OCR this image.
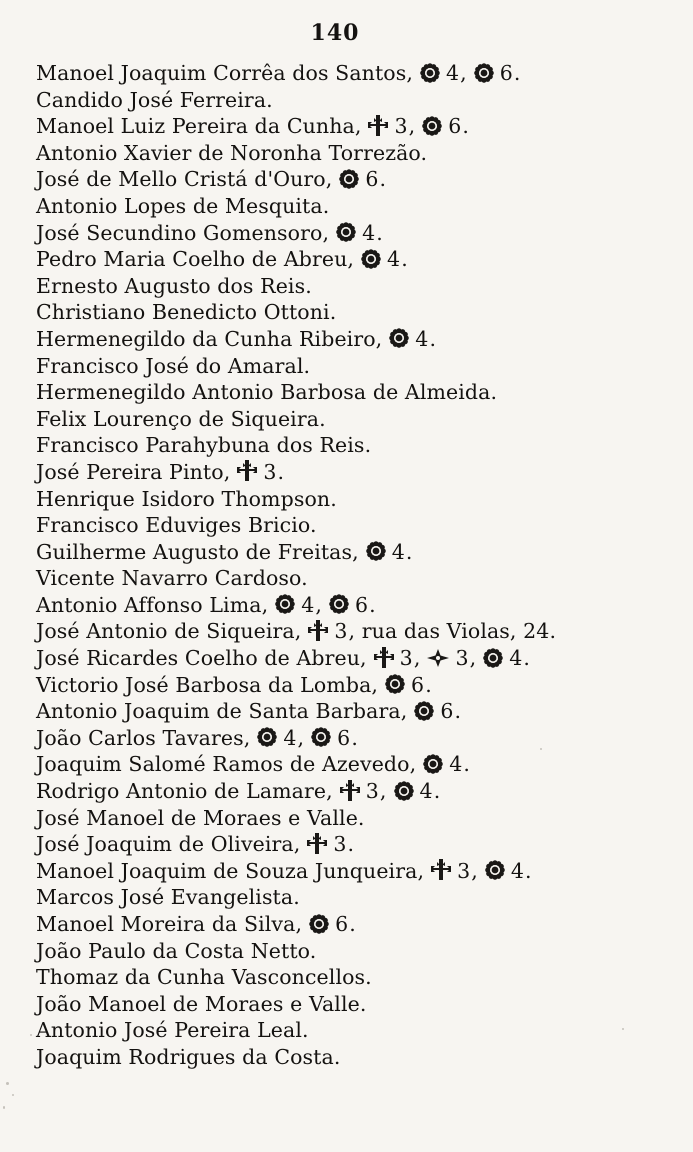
140
Manoel Joaquim Corrêa dos Santos, 4, 6.
Candido José Ferreira.
Manoel Luiz Pereira da Cunha, 3, 6.
Antonio Xavier de Noronha Torrezão.
José de Mello Cristá d'Ouro, 6.
Antonio Lopes de Mesquita.
José Secundino Gomensoro, 4.
Pedro Maria Coelho de Abreu, 4.
Ernesto Augusto dos Reis.
Christiano Benedicto Ottoni.
Hermenegildo da Cunha Ribeiro, 4.
Francisco José do Amaral.
Hermenegildo Antonio Barbosa de Almeida.
Felix Lourenço de Siqueira.
Francisco Parahybuna dos Reis.
José Pereira Pinto, 3.
Henrique Isidoro Thompson.
Francisco Eduviges Bricio.
Guilherme Augusto de Freitas, 4.
Vicente Navarro Cardoso.
Antonio Affonso Lima, 4, 6.
José Antonio de Siqueira, 3, rua das Violas, 24.
José Ricardes Coelho de Abreu, 3, 3, 4.
Victorio José Barbosa da Lomba, 6.
Antonio Joaquim de Santa Barbara, 6.
João Carlos Tavares, 4, 6.
Joaquim Salomé Ramos de Azevedo, 4.
Rodrigo Antonio de Lamare, 3, 4.
José Manoel de Moraes e Valle.
José Joaquim de Oliveira, 3.
Manoel Joaquim de Souza Junqueira, 3, 4.
Marcos José Evangelista.
Manoel Moreira da Silva, 6.
João Paulo da Costa Netto.
Thomaz da Cunha Vasconcellos.
João Manoel de Moraes e Valle.
Antonio José Pereira Leal.
Joaquim Rodrigues da Costa.
